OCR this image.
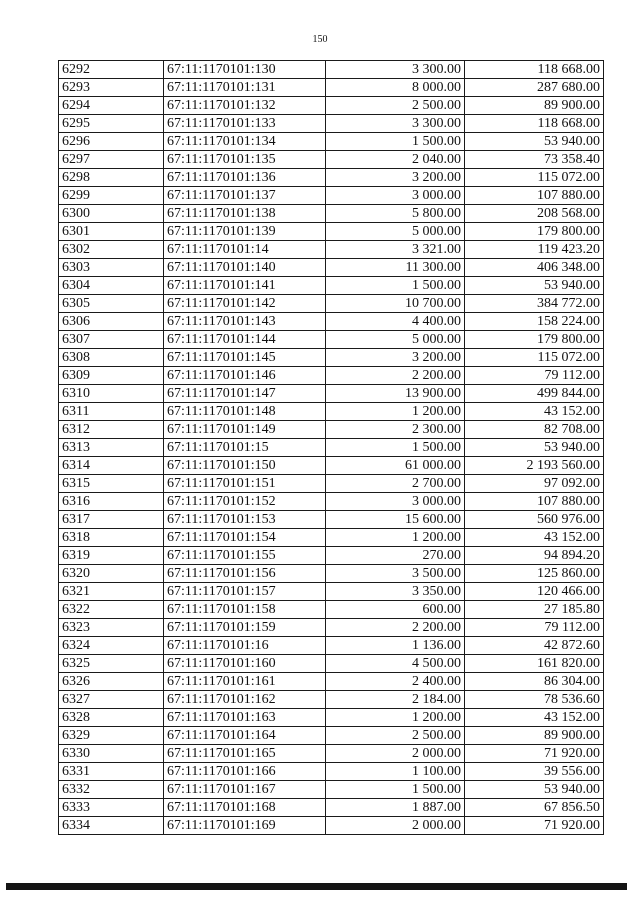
150
6292	67:11:1170101:130	3 300.00	118 668.00
6293	67:11:1170101:131	8 000.00	287 680.00
6294	67:11:1170101:132	2 500.00	89 900.00
6295	67:11:1170101:133	3 300.00	118 668.00
6296	67:11:1170101:134	1 500.00	53 940.00
6297	67:11:1170101:135	2 040.00	73 358.40
6298	67:11:1170101:136	3 200.00	115 072.00
6299	67:11:1170101:137	3 000.00	107 880.00
6300	67:11:1170101:138	5 800.00	208 568.00
6301	67:11:1170101:139	5 000.00	179 800.00
6302	67:11:1170101:14	3 321.00	119 423.20
6303	67:11:1170101:140	11 300.00	406 348.00
6304	67:11:1170101:141	1 500.00	53 940.00
6305	67:11:1170101:142	10 700.00	384 772.00
6306	67:11:1170101:143	4 400.00	158 224.00
6307	67:11:1170101:144	5 000.00	179 800.00
6308	67:11:1170101:145	3 200.00	115 072.00
6309	67:11:1170101:146	2 200.00	79 112.00
6310	67:11:1170101:147	13 900.00	499 844.00
6311	67:11:1170101:148	1 200.00	43 152.00
6312	67:11:1170101:149	2 300.00	82 708.00
6313	67:11:1170101:15	1 500.00	53 940.00
6314	67:11:1170101:150	61 000.00	2 193 560.00
6315	67:11:1170101:151	2 700.00	97 092.00
6316	67:11:1170101:152	3 000.00	107 880.00
6317	67:11:1170101:153	15 600.00	560 976.00
6318	67:11:1170101:154	1 200.00	43 152.00
6319	67:11:1170101:155	270.00	94 894.20
6320	67:11:1170101:156	3 500.00	125 860.00
6321	67:11:1170101:157	3 350.00	120 466.00
6322	67:11:1170101:158	600.00	27 185.80
6323	67:11:1170101:159	2 200.00	79 112.00
6324	67:11:1170101:16	1 136.00	42 872.60
6325	67:11:1170101:160	4 500.00	161 820.00
6326	67:11:1170101:161	2 400.00	86 304.00
6327	67:11:1170101:162	2 184.00	78 536.60
6328	67:11:1170101:163	1 200.00	43 152.00
6329	67:11:1170101:164	2 500.00	89 900.00
6330	67:11:1170101:165	2 000.00	71 920.00
6331	67:11:1170101:166	1 100.00	39 556.00
6332	67:11:1170101:167	1 500.00	53 940.00
6333	67:11:1170101:168	1 887.00	67 856.50
6334	67:11:1170101:169	2 000.00	71 920.00
